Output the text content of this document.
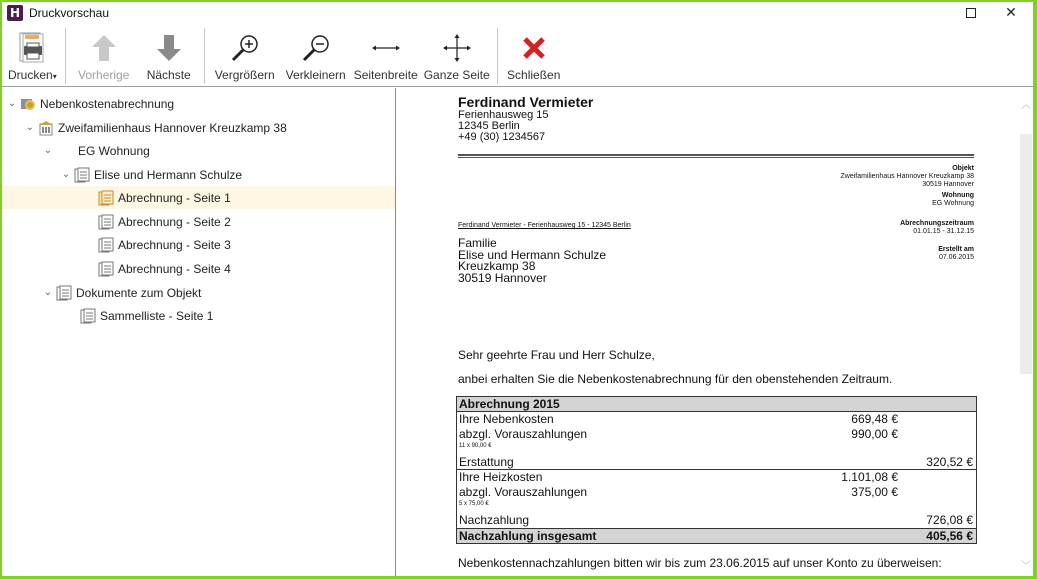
H Druckvorschau	✕
Drucken▾ Vorherige Nächste Vergrößern Verkleinern Seitenbreite Ganze Seite Schließen
⌄ Nebenkostenabrechnung
⌄ Zweifamilienhaus Hannover Kreuzkamp 38
⌄ EG Wohnung
⌄ Elise und Hermann Schulze
Abrechnung - Seite 1
Abrechnung - Seite 2
Abrechnung - Seite 3
Abrechnung - Seite 4
⌄ Dokumente zum Objekt
Sammelliste - Seite 1
Ferdinand Vermieter
Ferienhausweg 15
12345 Berlin
+49 (30) 1234567
Objekt
Zweifamilienhaus Hannover Kreuzkamp 38
30519 Hannover
Wohnung
EG Wohnung
Abrechnungszeitraum
01.01.15 - 31.12.15
Erstellt am
07.06.2015
Ferdinand Vermieter - Ferienhausweg 15 - 12345 Berlin
Familie
Elise und Hermann Schulze
Kreuzkamp 38
30519 Hannover
Sehr geehrte Frau und Herr Schulze,
anbei erhalten Sie die Nebenkostenabrechnung für den obenstehenden Zeitraum.
Abrechnung 2015
Ihre Nebenkosten	669,48 €
abzgl. Vorauszahlungen	990,00 €
11 x 90,00 €
Erstattung	320,52 €
Ihre Heizkosten	1.101,08 €
abzgl. Vorauszahlungen	375,00 €
5 x 75,00 €
Nachzahlung	726,08 €
Nachzahlung insgesamt	405,56 €
Nebenkostennachzahlungen bitten wir bis zum 23.06.2015 auf unser Konto zu überweisen:
︿
﹀
